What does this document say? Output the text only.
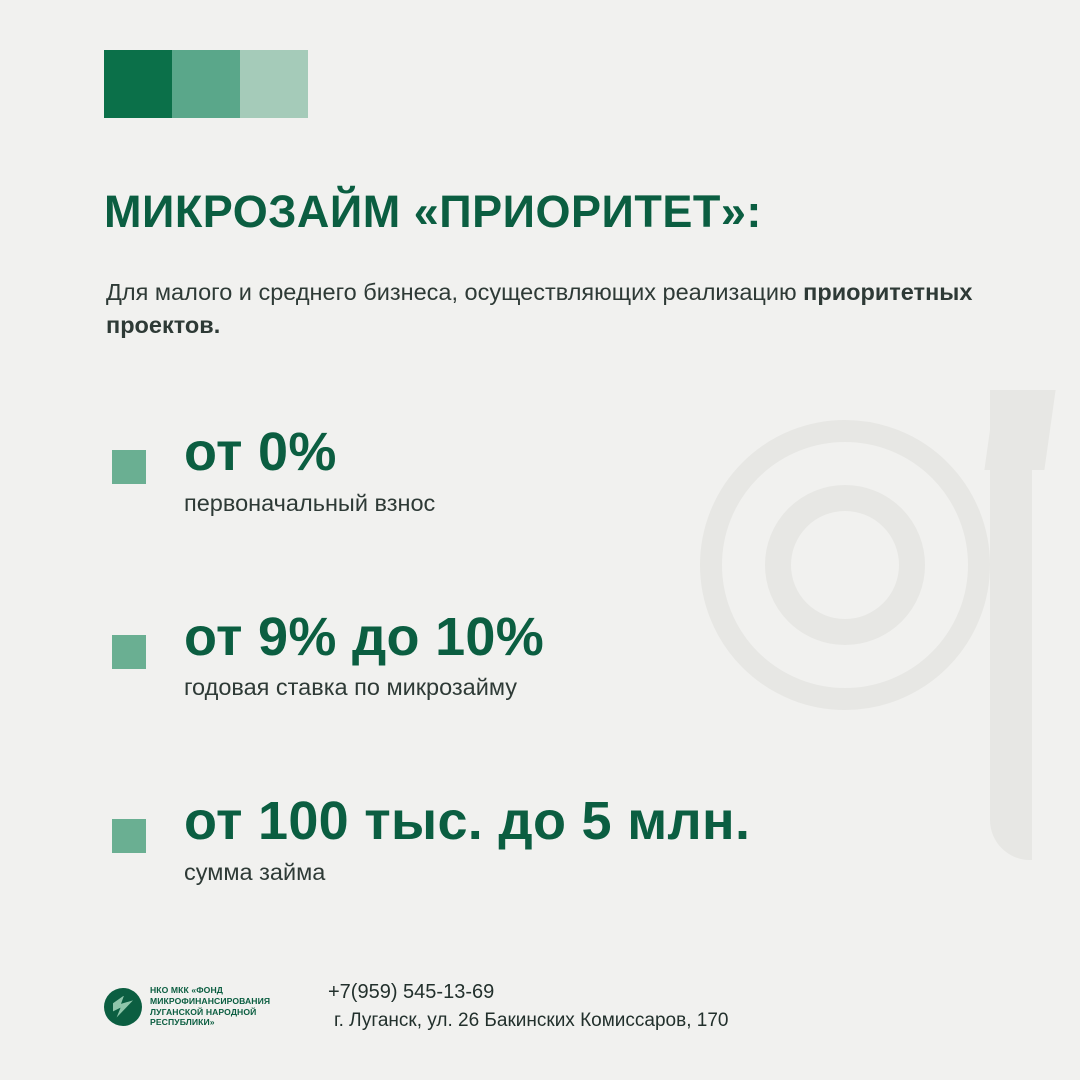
МИКРОЗАЙМ «ПРИОРИТЕТ»:

Для малого и среднего бизнеса, осуществляющих реализацию приоритетных проектов.

от 0%
первоначальный взнос
от 9% до 10%
годовая ставка по микрозайму
от 100 тыс. до 5 млн.
сумма займа
НКО МКК «ФОНД МИКРОФИНАНСИРОВАНИЯ ЛУГАНСКОЙ НАРОДНОЙ РЕСПУБЛИКИ»
+7(959) 545-13-69
г. Луганск, ул. 26 Бакинских Комиссаров, 170
